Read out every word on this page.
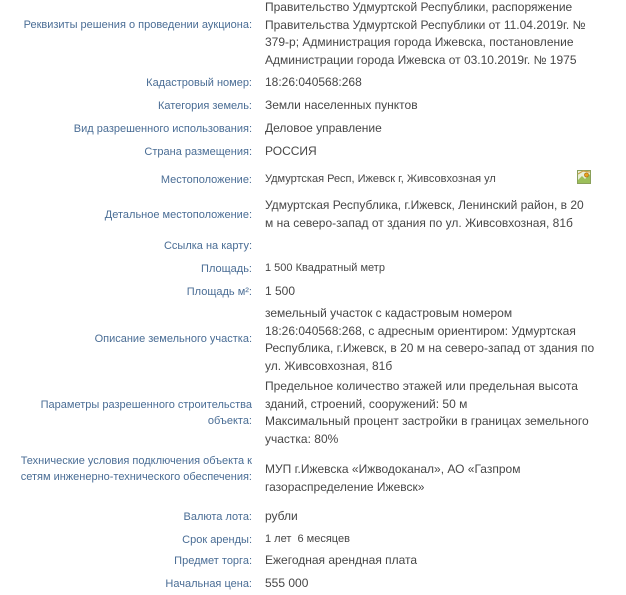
Реквизиты решения о проведении аукциона:
Правительство Удмуртской Республики, распоряжение Правительства Удмуртской Республики от 11.04.2019г. № 379-р; Администрация города Ижевска, постановление Администрации города Ижевска от 03.10.2019г. № 1975
Кадастровый номер: 18:26:040568:268
Категория земель: Земли населенных пунктов
Вид разрешенного использования: Деловое управление
Страна размещения: РОССИЯ
Местоположение: Удмуртская Респ, Ижевск г, Живсовхозная ул
Детальное местоположение:
Удмуртская Республика, г.Ижевск, Ленинский район, в 20 м на северо-запад от здания по ул. Живсовхозная, 81б
Ссылка на карту:
Площадь: 1 500 Квадратный метр
Площадь м²: 1 500
Описание земельного участка:
земельный участок с кадастровым номером 18:26:040568:268, с адресным ориентиром: Удмуртская Республика, г.Ижевск, в 20 м на северо-запад от здания по ул. Живсовхозная, 81б
Параметры разрешенного строительства объекта:
Предельное количество этажей или предельная высота зданий, строений, сооружений: 50 м
Максимальный процент застройки в границах земельного участка: 80%
Технические условия подключения объекта к сетям инженерно-технического обеспечения:
МУП г.Ижевска «Ижводоканал», АО «Газпром газораспределение Ижевск»
Валюта лота: рубли
Срок аренды: 1 лет  6 месяцев
Предмет торга: Ежегодная арендная плата
Начальная цена: 555 000
